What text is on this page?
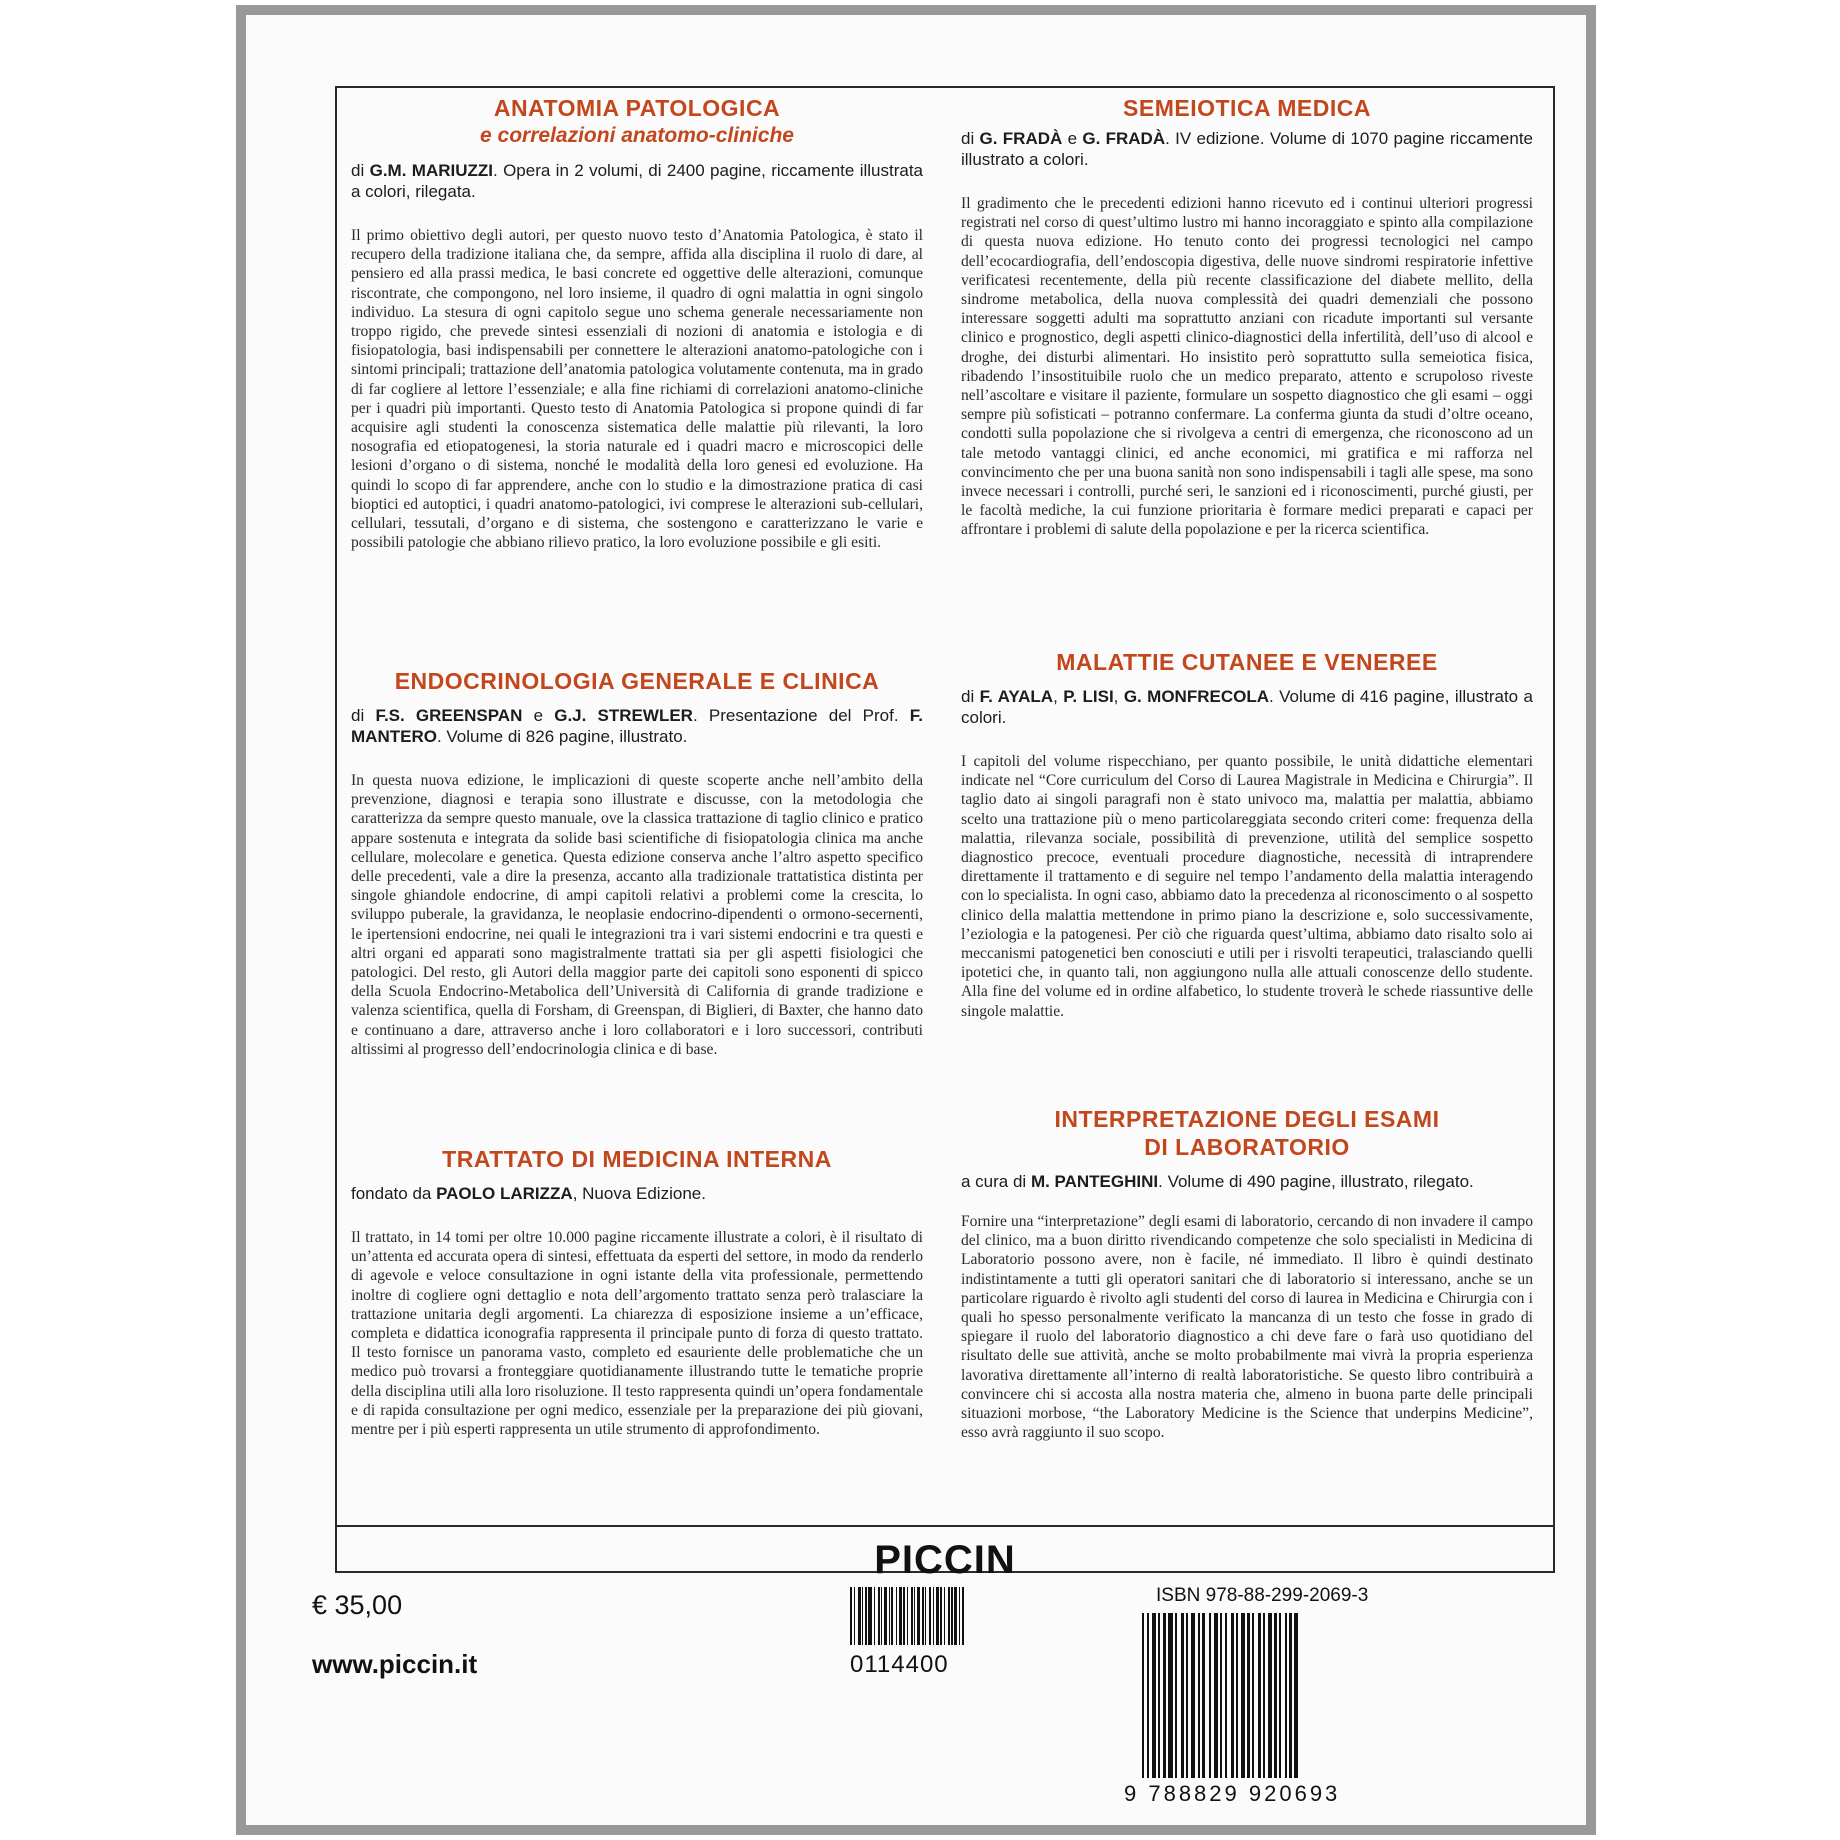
ANATOMIA PATOLOGICA
e correlazioni anatomo-cliniche
di G.M. MARIUZZI. Opera in 2 volumi, di 2400 pagine, riccamente illustrata a colori, rilegata.
Il primo obiettivo degli autori, per questo nuovo testo d’Anatomia Patologica, è stato il recupero della tradizione italiana che, da sempre, affida alla disciplina il ruolo di dare, al pensiero ed alla prassi medica, le basi concrete ed oggettive delle alterazioni, comunque riscontrate, che compongono, nel loro insieme, il quadro di ogni malattia in ogni singolo individuo. La stesura di ogni capitolo segue uno schema generale necessariamente non troppo rigido, che prevede sintesi essenziali di nozioni di anatomia e istologia e di fisiopatologia, basi indispensabili per connettere le alterazioni anatomo-patologiche con i sintomi principali; trattazione dell’anatomia patologica volutamente contenuta, ma in grado di far cogliere al lettore l’essenziale; e alla fine richiami di correlazioni anatomo-cliniche per i quadri più importanti. Questo testo di Anatomia Patologica si propone quindi di far acquisire agli studenti la conoscenza sistematica delle malattie più rilevanti, la loro nosografia ed etiopatogenesi, la storia naturale ed i quadri macro e microscopici delle lesioni d’organo o di sistema, nonché le modalità della loro genesi ed evoluzione. Ha quindi lo scopo di far apprendere, anche con lo studio e la dimostrazione pratica di casi bioptici ed autoptici, i quadri anatomo-patologici, ivi comprese le alterazioni sub-cellulari, cellulari, tessutali, d’organo e di sistema, che sostengono e caratterizzano le varie e possibili patologie che abbiano rilievo pratico, la loro evoluzione possibile e gli esiti.
ENDOCRINOLOGIA GENERALE E CLINICA
di F.S. GREENSPAN e G.J. STREWLER. Presentazione del Prof. F. MANTERO. Volume di 826 pagine, illustrato.
In questa nuova edizione, le implicazioni di queste scoperte anche nell’ambito della prevenzione, diagnosi e terapia sono illustrate e discusse, con la metodologia che caratterizza da sempre questo manuale, ove la classica trattazione di taglio clinico e pratico appare sostenuta e integrata da solide basi scientifiche di fisiopatologia clinica ma anche cellulare, molecolare e genetica. Questa edizione conserva anche l’altro aspetto specifico delle precedenti, vale a dire la presenza, accanto alla tradizionale trattatistica distinta per singole ghiandole endocrine, di ampi capitoli relativi a problemi come la crescita, lo sviluppo puberale, la gravidanza, le neoplasie endocrino-dipendenti o ormono-secernenti, le ipertensioni endocrine, nei quali le integrazioni tra i vari sistemi endocrini e tra questi e altri organi ed apparati sono magistralmente trattati sia per gli aspetti fisiologici che patologici. Del resto, gli Autori della maggior parte dei capitoli sono esponenti di spicco della Scuola Endocrino-Metabolica dell’Università di California di grande tradizione e valenza scientifica, quella di Forsham, di Greenspan, di Biglieri, di Baxter, che hanno dato e continuano a dare, attraverso anche i loro collaboratori e i loro successori, contributi altissimi al progresso dell’endocrinologia clinica e di base.
TRATTATO DI MEDICINA INTERNA
fondato da PAOLO LARIZZA, Nuova Edizione.
Il trattato, in 14 tomi per oltre 10.000 pagine riccamente illustrate a colori, è il risultato di un’attenta ed accurata opera di sintesi, effettuata da esperti del settore, in modo da renderlo di agevole e veloce consultazione in ogni istante della vita professionale, permettendo inoltre di cogliere ogni dettaglio e nota dell’argomento trattato senza però tralasciare la trattazione unitaria degli argomenti. La chiarezza di esposizione insieme a un’efficace, completa e didattica iconografia rappresenta il principale punto di forza di questo trattato. Il testo fornisce un panorama vasto, completo ed esauriente delle problematiche che un medico può trovarsi a fronteggiare quotidianamente illustrando tutte le tematiche proprie della disciplina utili alla loro risoluzione. Il testo rappresenta quindi un’opera fondamentale e di rapida consultazione per ogni medico, essenziale per la preparazione dei più giovani, mentre per i più esperti rappresenta un utile strumento di approfondimento.
SEMEIOTICA MEDICA
di G. FRADÀ e G. FRADÀ. IV edizione. Volume di 1070 pagine riccamente illustrato a colori.
Il gradimento che le precedenti edizioni hanno ricevuto ed i continui ulteriori progressi registrati nel corso di quest’ultimo lustro mi hanno incoraggiato e spinto alla compilazione di questa nuova edizione. Ho tenuto conto dei progressi tecnologici nel campo dell’ecocardiografia, dell’endoscopia digestiva, delle nuove sindromi respiratorie infettive verificatesi recentemente, della più recente classificazione del diabete mellito, della sindrome metabolica, della nuova complessità dei quadri demenziali che possono interessare soggetti adulti ma soprattutto anziani con ricadute importanti sul versante clinico e prognostico, degli aspetti clinico-diagnostici della infertilità, dell’uso di alcool e droghe, dei disturbi alimentari. Ho insistito però soprattutto sulla semeiotica fisica, ribadendo l’insostituibile ruolo che un medico preparato, attento e scrupoloso riveste nell’ascoltare e visitare il paziente, formulare un sospetto diagnostico che gli esami – oggi sempre più sofisticati – potranno confermare. La conferma giunta da studi d’oltre oceano, condotti sulla popolazione che si rivolgeva a centri di emergenza, che riconoscono ad un tale metodo vantaggi clinici, ed anche economici, mi gratifica e mi rafforza nel convincimento che per una buona sanità non sono indispensabili i tagli alle spese, ma sono invece necessari i controlli, purché seri, le sanzioni ed i riconoscimenti, purché giusti, per le facoltà mediche, la cui funzione prioritaria è formare medici preparati e capaci per affrontare i problemi di salute della popolazione e per la ricerca scientifica.
MALATTIE CUTANEE E VENEREE
di F. AYALA, P. LISI, G. MONFRECOLA. Volume di 416 pagine, illustrato a colori.
I capitoli del volume rispecchiano, per quanto possibile, le unità didattiche elementari indicate nel “Core curriculum del Corso di Laurea Magistrale in Medicina e Chirurgia”. Il taglio dato ai singoli paragrafi non è stato univoco ma, malattia per malattia, abbiamo scelto una trattazione più o meno particolareggiata secondo criteri come: frequenza della malattia, rilevanza sociale, possibilità di prevenzione, utilità del semplice sospetto diagnostico precoce, eventuali procedure diagnostiche, necessità di intraprendere direttamente il trattamento e di seguire nel tempo l’andamento della malattia interagendo con lo specialista. In ogni caso, abbiamo dato la precedenza al riconoscimento o al sospetto clinico della malattia mettendone in primo piano la descrizione e, solo successivamente, l’eziologia e la patogenesi. Per ciò che riguarda quest’ultima, abbiamo dato risalto solo ai meccanismi patogenetici ben conosciuti e utili per i risvolti terapeutici, tralasciando quelli ipotetici che, in quanto tali, non aggiungono nulla alle attuali conoscenze dello studente. Alla fine del volume ed in ordine alfabetico, lo studente troverà le schede riassuntive delle singole malattie.
INTERPRETAZIONE DEGLI ESAMI
DI LABORATORIO
a cura di M. PANTEGHINI. Volume di 490 pagine, illustrato, rilegato.
Fornire una “interpretazione” degli esami di laboratorio, cercando di non invadere il campo del clinico, ma a buon diritto rivendicando competenze che solo specialisti in Medicina di Laboratorio possono avere, non è facile, né immediato. Il libro è quindi destinato indistintamente a tutti gli operatori sanitari che di laboratorio si interessano, anche se un particolare riguardo è rivolto agli studenti del corso di laurea in Medicina e Chirurgia con i quali ho spesso personalmente verificato la mancanza di un testo che fosse in grado di spiegare il ruolo del laboratorio diagnostico a chi deve fare o farà uso quotidiano del risultato delle sue attività, anche se molto probabilmente mai vivrà la propria esperienza lavorativa direttamente all’interno di realtà laboratoristiche. Se questo libro contribuirà a convincere chi si accosta alla nostra materia che, almeno in buona parte delle principali situazioni morbose, “the Laboratory Medicine is the Science that underpins Medicine”, esso avrà raggiunto il suo scopo.
PICCIN
€ 35,00
www.piccin.it	0114400
ISBN 978-88-299-2069-3
9 788829 920693
